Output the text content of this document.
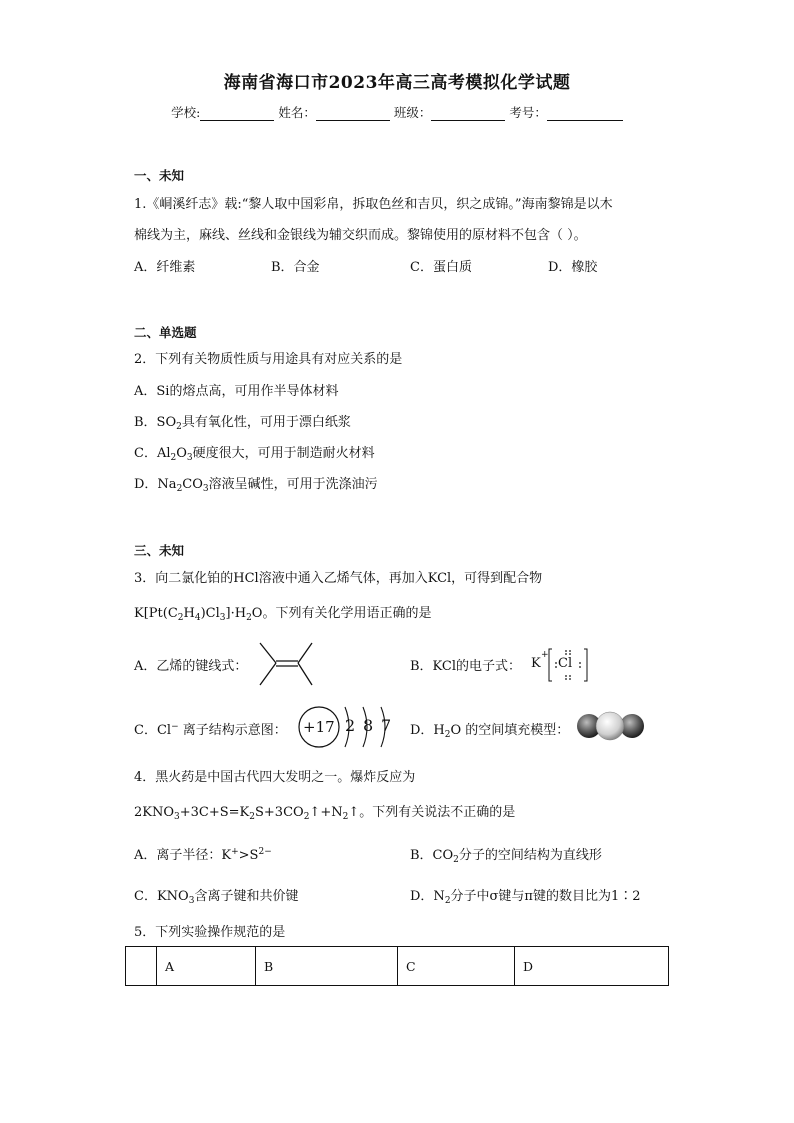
海南省海口市2023年高三高考模拟化学试题
学校:	姓名：	班级：	考号：
一、未知
1.《峒溪纤志》载:“黎人取中国彩帛，拆取色丝和吉贝，织之成锦。”海南黎锦是以木
棉线为主，麻线、丝线和金银线为辅交织而成。黎锦使用的原材料不包含（ ）。
A．纤维素	B．合金	C．蛋白质	D．橡胶
二、单选题
2．下列有关物质性质与用途具有对应关系的是
A．Si的熔点高，可用作半导体材料
B．$SO_2$具有氧化性，可用于漂白纸浆
C．$Al_2O_3$硬度很大，可用于制造耐火材料
D．$Na_2CO_3$溶液呈碱性，可用于洗涤油污
三、未知
3．向二氯化铂的HCl溶液中通入乙烯气体，再加入KCl，可得到配合物
$K[Pt(C_2H_4)Cl_3]\cdot H_2O$。下列有关化学用语正确的是
A．乙烯的键线式：	B．KCl的电子式： K
+
Cl
C．Cl− 离子结构示意图： +17 2 8 7 D．$H_2O$ 的空间填充模型：
4．黑火药是中国古代四大发明之一。爆炸反应为
$2KNO_3+3C+S=K_2S+3CO_2↑+N_2↑$。下列有关说法不正确的是
A．离子半径：$K^+>S^{2-}$	B．$CO_2$分子的空间结构为直线形
C．$KNO_3$含离子键和共价键	D．$N_2$分子中σ键与π键的数目比为1∶2
5．下列实验操作规范的是
	A	B	C	D
